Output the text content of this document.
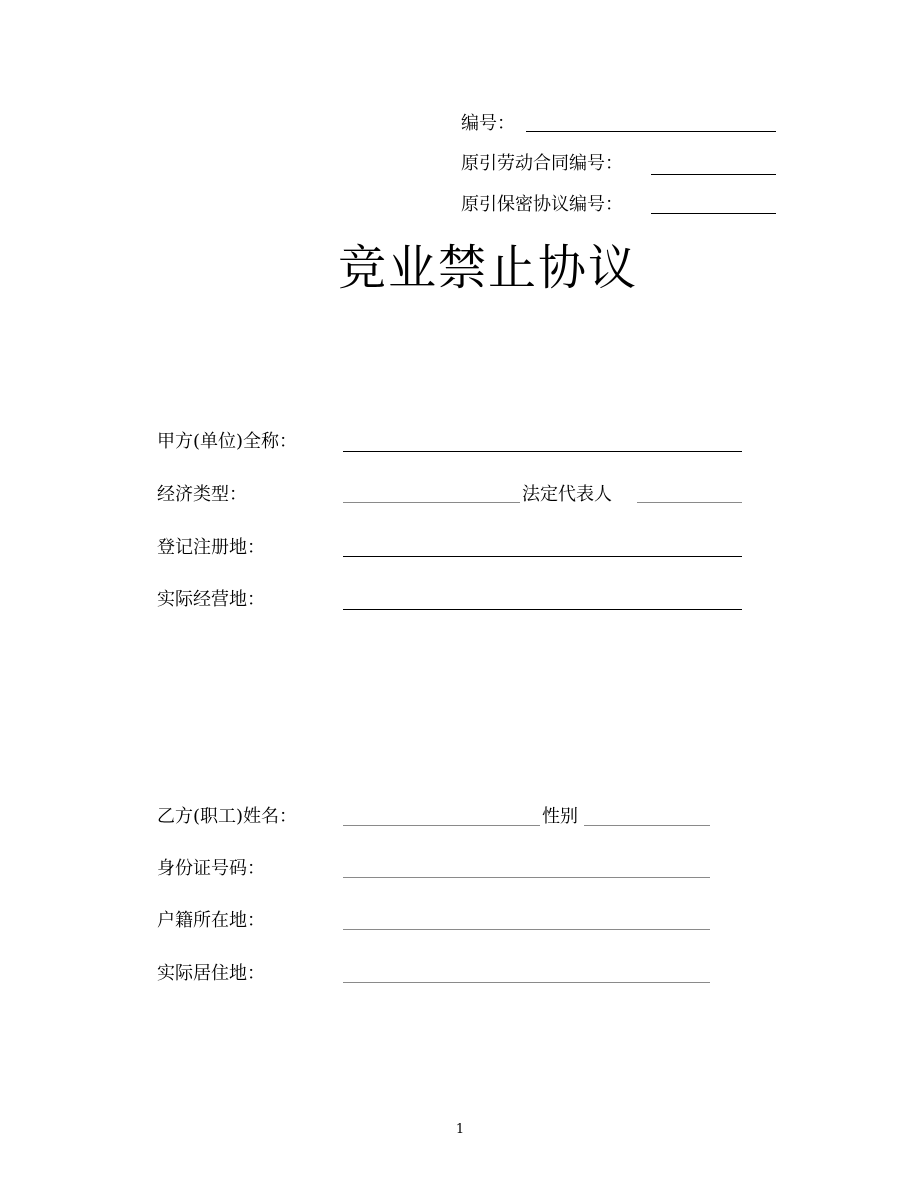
编号：
原引劳动合同编号：
原引保密协议编号：
竞业禁止协议
甲方(单位)全称：
经济类型：	法定代表人
登记注册地：
实际经营地：
乙方(职工)姓名：	性别
身份证号码：
户籍所在地：
实际居住地：
1
